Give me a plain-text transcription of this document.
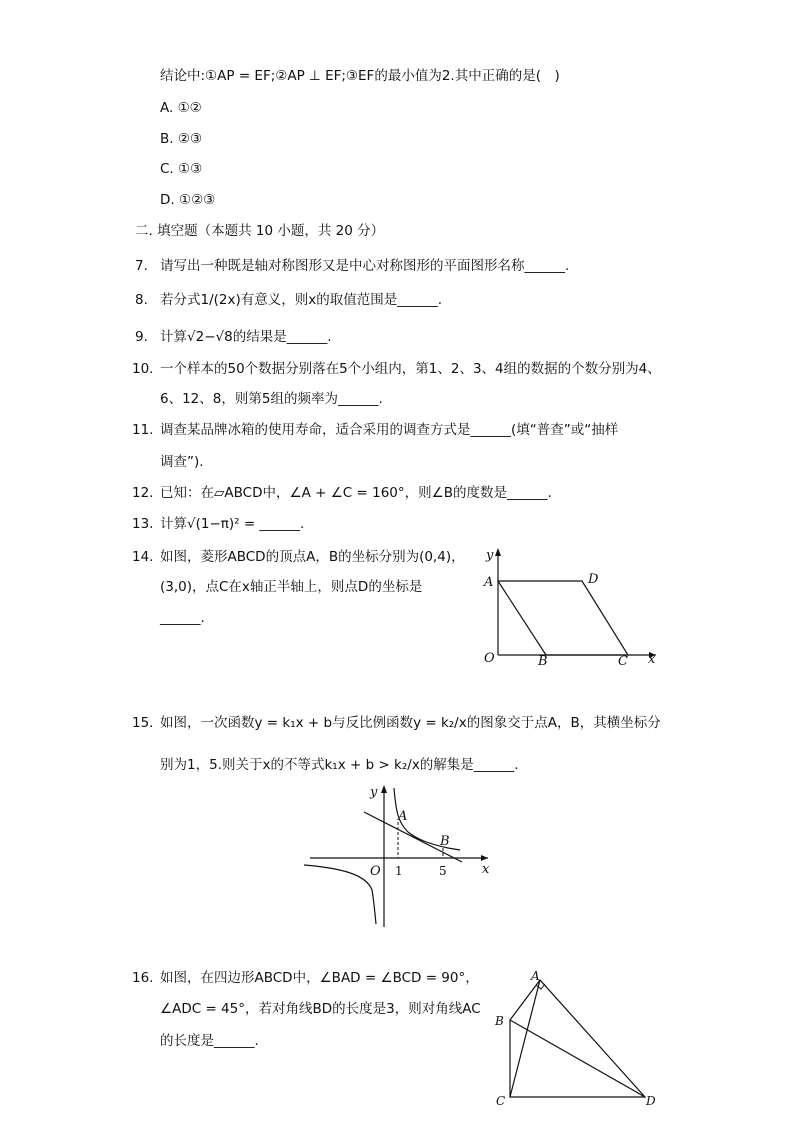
结论中:①AP = EF;②AP ⊥ EF;③EF的最小值为2.其中正确的是(　)
A. ①②
B. ②③
C. ①③
D. ①②③
二. 填空题（本题共 10 小题，共 20 分）
7. 请写出一种既是轴对称图形又是中心对称图形的平面图形名称______.
8. 若分式1/(2x)有意义，则x的取值范围是______.
9. 计算√2−√8的结果是______.
10. 一个样本的50个数据分别落在5个小组内，第1、2、3、4组的数据的个数分别为4、
6、12、8，则第5组的频率为______.
11. 调查某品牌冰箱的使用寿命，适合采用的调查方式是______(填“普查”或“抽样
调查”).
12. 已知：在▱ABCD中，∠A + ∠C = 160°，则∠B的度数是______.
13. 计算√(1−π)² = ______.
14. 如图，菱形ABCD的顶点A，B的坐标分别为(0,4)，
(3,0)，点C在x轴正半轴上，则点D的坐标是
______.
y
A	D
O	B	C x
15. 如图，一次函数y = k₁x + b与反比例函数y = k₂/x的图象交于点A，B，其横坐标分
别为1，5.则关于x的不等式k₁x + b > k₂/x的解集是______.
y
A
B
O 1	5	x
16. 如图，在四边形ABCD中，∠BAD = ∠BCD = 90°，
∠ADC = 45°，若对角线BD的长度是3，则对角线AC
的长度是______.
A
B
C	D
